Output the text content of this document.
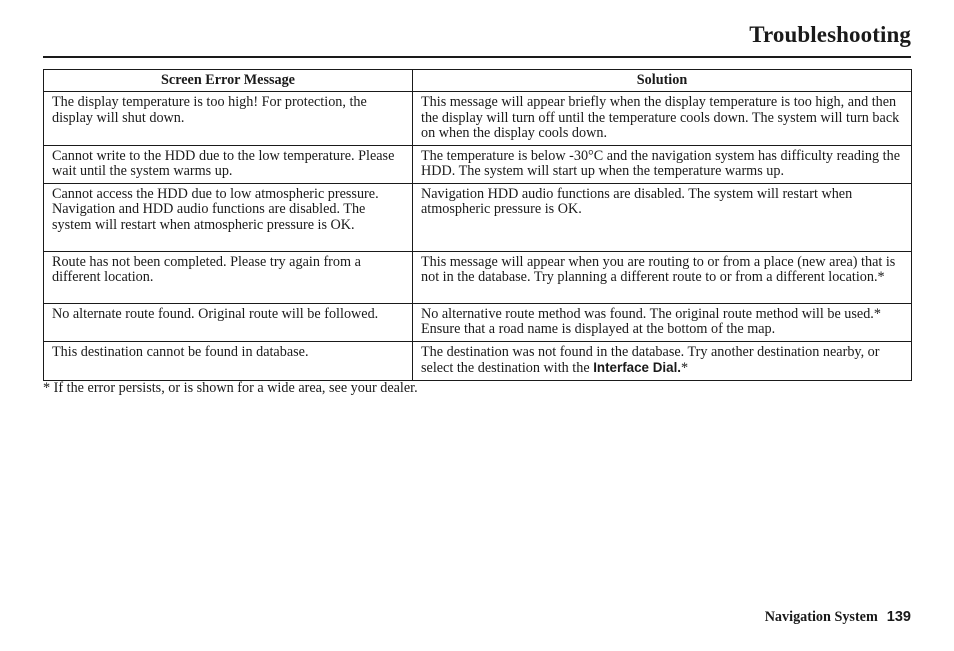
Troubleshooting
Screen Error Message	Solution
The display temperature is too high! For protection, the display will shut down.	This message will appear briefly when the display temperature is too high, and then the display will turn off until the temperature cools down. The system will turn back on when the display cools down.
Cannot write to the HDD due to the low temperature. Please wait until the system warms up.	The temperature is below -30°C and the navigation system has difficulty reading the HDD. The system will start up when the temperature warms up.
Cannot access the HDD due to low atmospheric pressure. Navigation and HDD audio functions are disabled. The system will restart when atmospheric pressure is OK.	Navigation HDD audio functions are disabled. The system will restart when atmospheric pressure is OK.
Route has not been completed. Please try again from a different location.	This message will appear when you are routing to or from a place (new area) that is not in the database. Try planning a different route to or from a different location.*
No alternate route found. Original route will be followed.	No alternative route method was found. The original route method will be used.* Ensure that a road name is displayed at the bottom of the map.
This destination cannot be found in database.	The destination was not found in the database. Try another destination nearby, or select the destination with the Interface Dial.*
* If the error persists, or is shown for a wide area, see your dealer.
Navigation System 139
